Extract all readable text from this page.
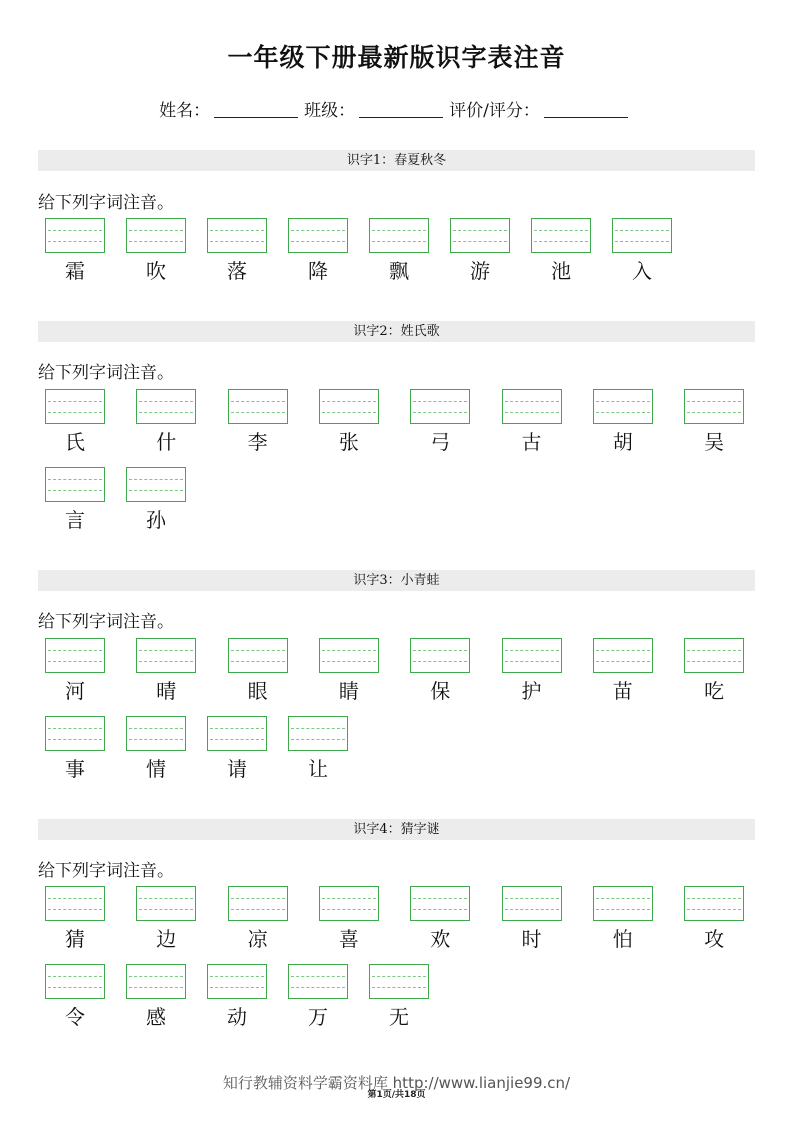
一年级下册最新版识字表注音
姓名：	班级：	评价/评分：
识字1：春夏秋冬
给下列字词注音。
霜	吹	落	降	飘	游	池	入
识字2：姓氏歌
给下列字词注音。
氏	什	李	张	弓	古	胡	吴
言	孙
识字3：小青蛙
给下列字词注音。
河	晴	眼	睛	保	护	苗	吃
事	情	请	让
识字4：猜字谜
给下列字词注音。
猜	边	凉	喜	欢	时	怕	攻
令	感	动	万	无
知行教辅资料学霸资料库 http://www.lianjie99.cn/
第1页/共18页
